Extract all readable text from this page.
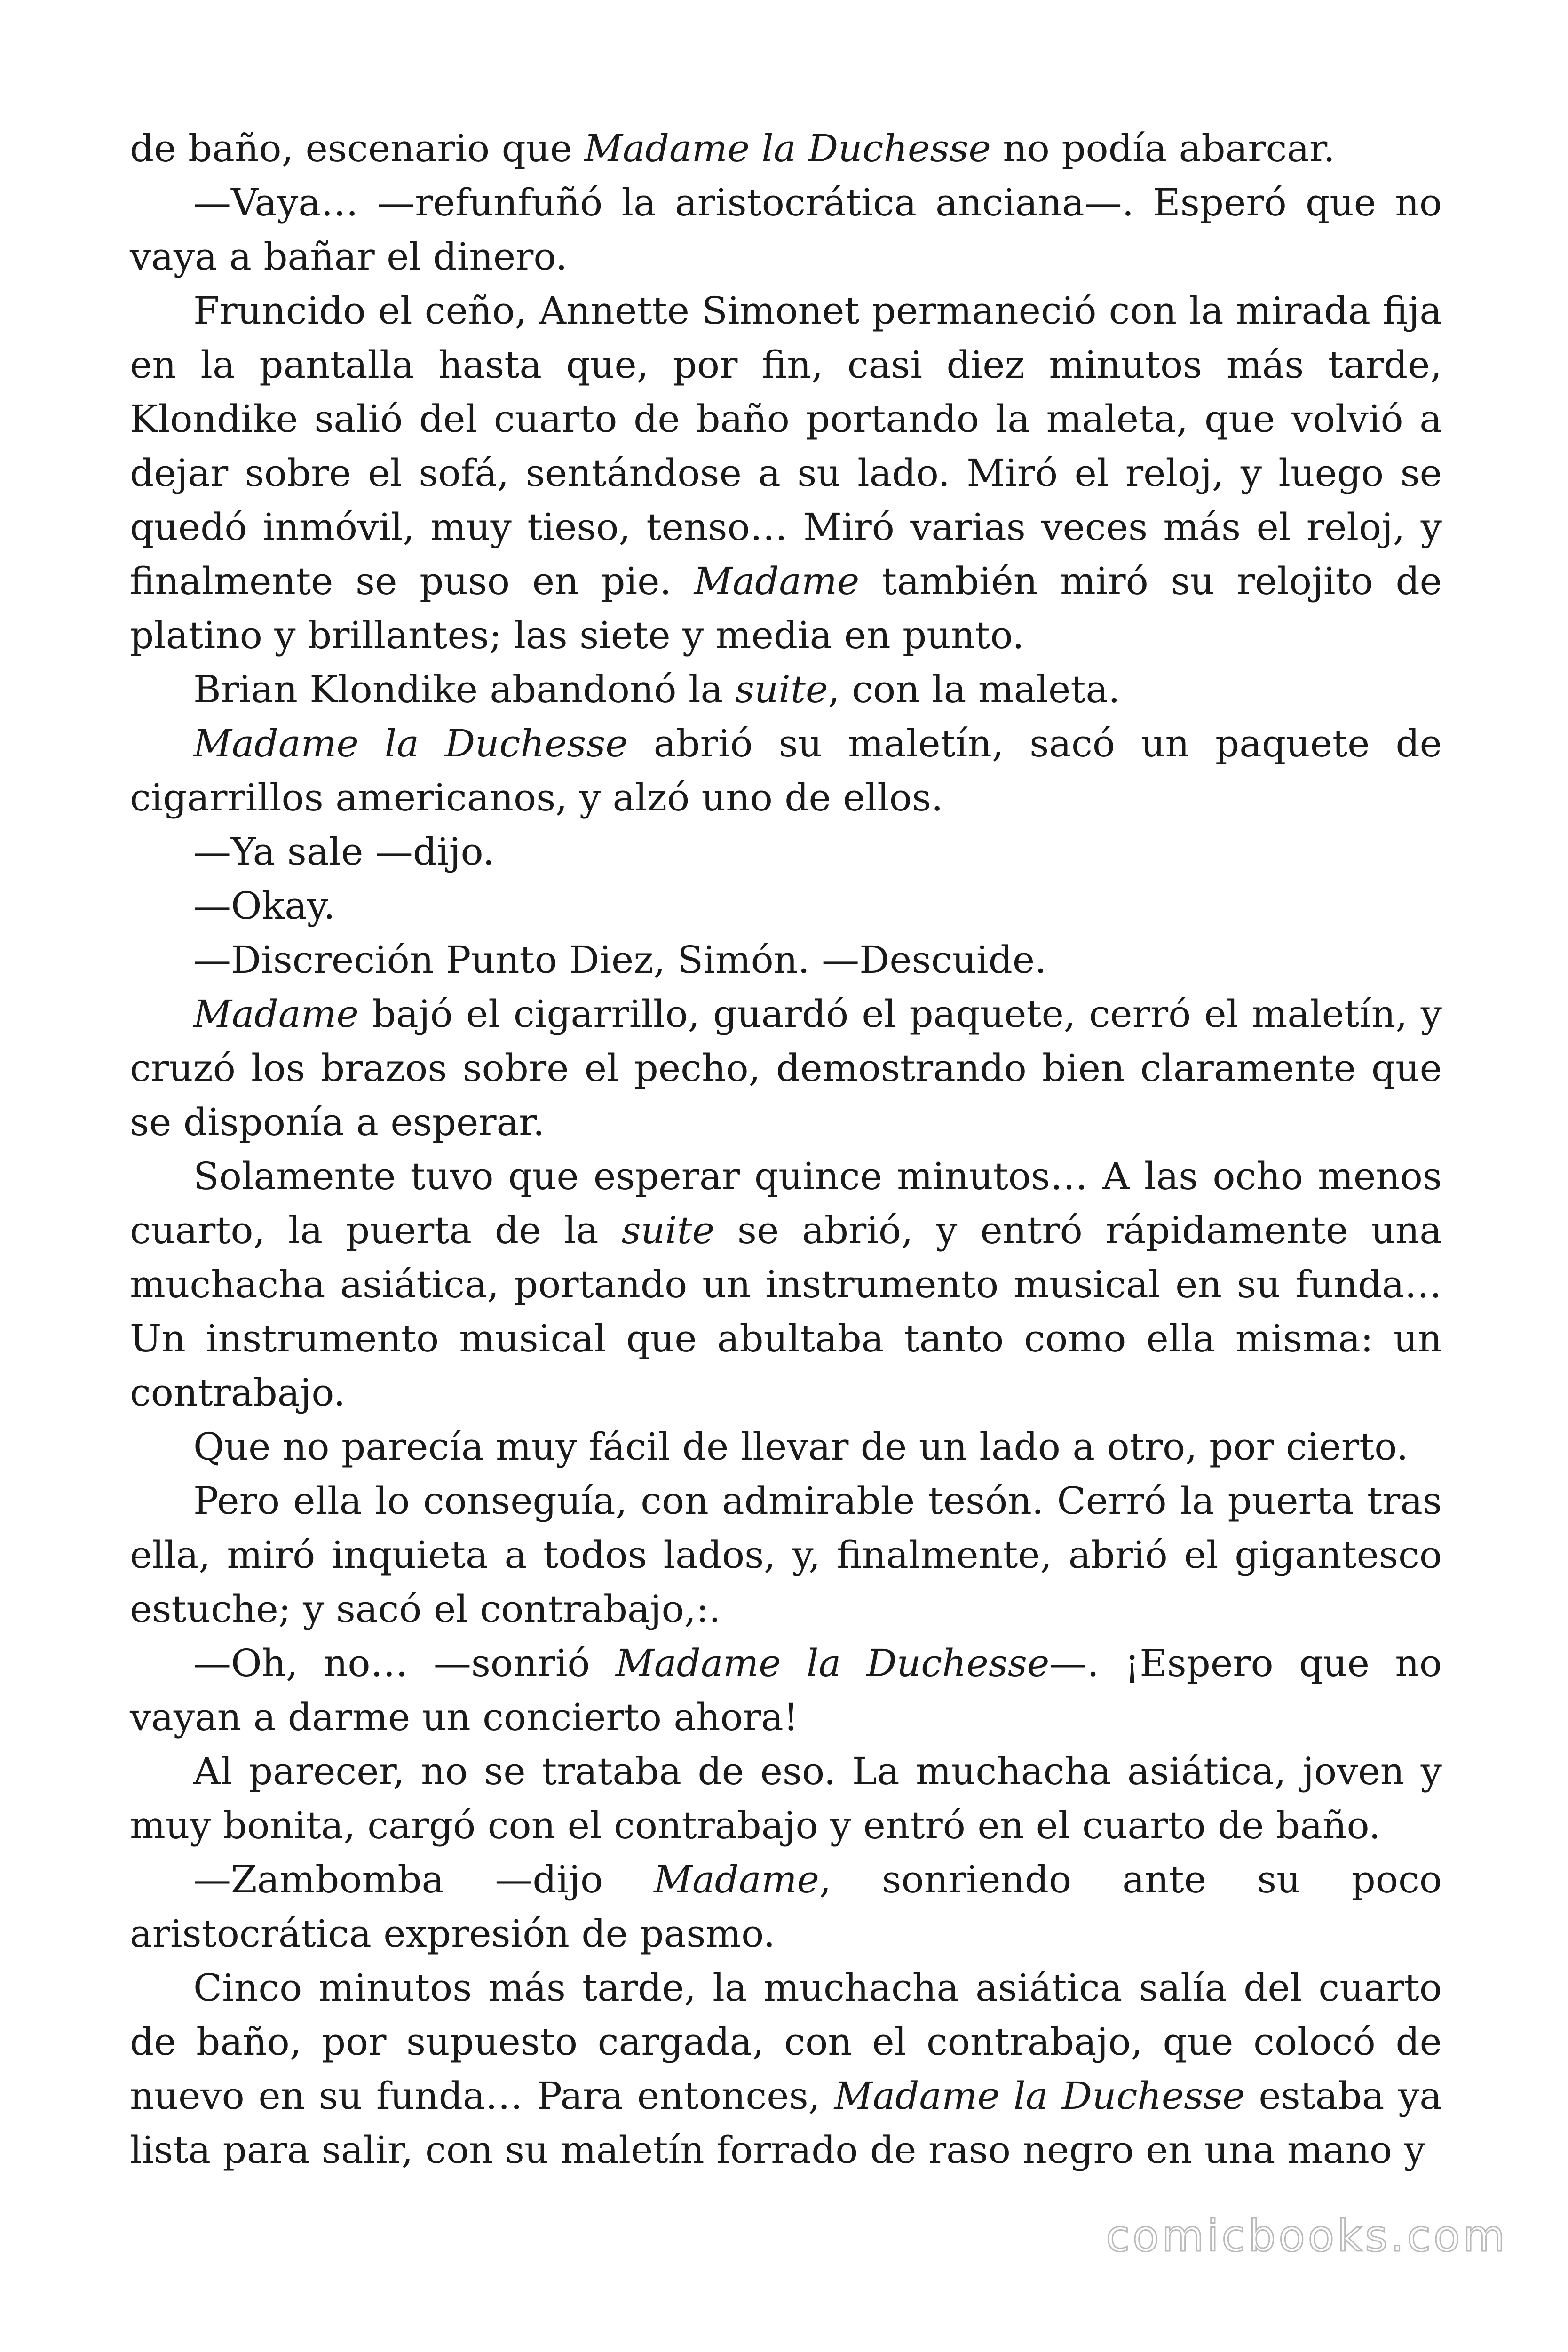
de baño, escenario que Madame la Duchesse no podía abarcar.

—Vaya… —refunfuñó la aristocrática anciana—. Esperó que no vaya a bañar el dinero.

Fruncido el ceño, Annette Simonet permaneció con la mirada fija en la pantalla hasta que, por fin, casi diez minutos más tarde, Klondike salió del cuarto de baño portando la maleta, que volvió a dejar sobre el sofá, sentándose a su lado. Miró el reloj, y luego se quedó inmóvil, muy tieso, tenso… Miró varias veces más el reloj, y finalmente se puso en pie. Madame también miró su relojito de platino y brillantes; las siete y media en punto.

Brian Klondike abandonó la suite, con la maleta.

Madame la Duchesse abrió su maletín, sacó un paquete de cigarrillos americanos, y alzó uno de ellos.

—Ya sale —dijo.

—Okay.

—Discreción Punto Diez, Simón. —Descuide.

Madame bajó el cigarrillo, guardó el paquete, cerró el maletín, y cruzó los brazos sobre el pecho, demostrando bien claramente que se disponía a esperar.

Solamente tuvo que esperar quince minutos… A las ocho menos cuarto, la puerta de la suite se abrió, y entró rápidamente una muchacha asiática, portando un instrumento musical en su funda… Un instrumento musical que abultaba tanto como ella misma: un contrabajo.

Que no parecía muy fácil de llevar de un lado a otro, por cierto.

Pero ella lo conseguía, con admirable tesón. Cerró la puerta tras ella, miró inquieta a todos lados, y, finalmente, abrió el gigantesco estuche; y sacó el contrabajo,:.

—Oh, no… —sonrió Madame la Duchesse—. ¡Espero que no vayan a darme un concierto ahora!

Al parecer, no se trataba de eso. La muchacha asiática, joven y muy bonita, cargó con el contrabajo y entró en el cuarto de baño.

—Zambomba —dijo Madame, sonriendo ante su poco aristocrática expresión de pasmo.

Cinco minutos más tarde, la muchacha asiática salía del cuarto de baño, por supuesto cargada, con el contrabajo, que colocó de nuevo en su funda… Para entonces, Madame la Duchesse estaba ya lista para salir, con su maletín forrado de raso negro en una mano y

comicbooks.com
